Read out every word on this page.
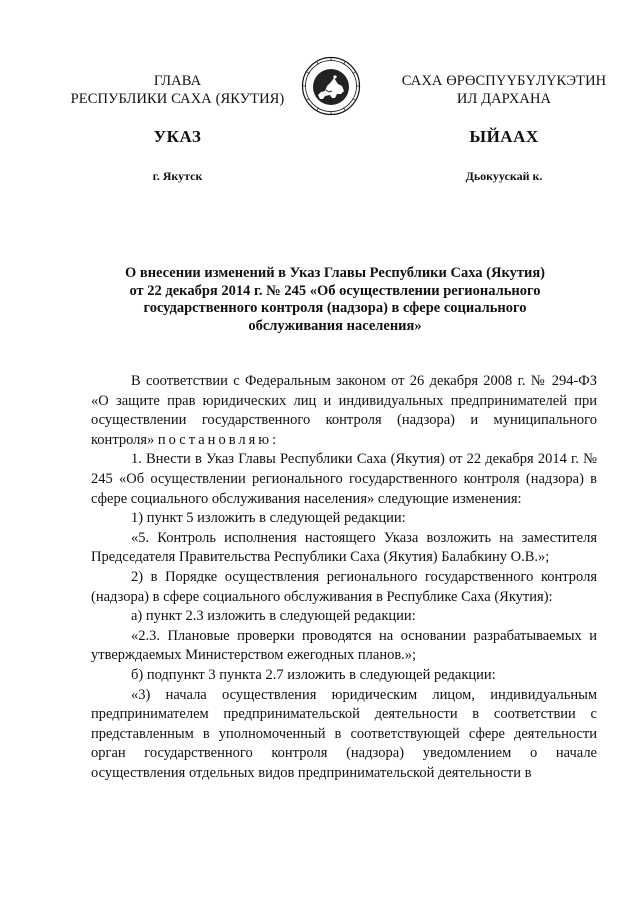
ГЛАВА
РЕСПУБЛИКИ САХА (ЯКУТИЯ)
УКАЗ
г. Якутск
САХА ӨРӨСПҮҮБҮЛҮКЭТИН
ИЛ ДАРХАНА
ЫЙААХ
Дьокуускай к.
О внесении изменений в Указ Главы Республики Саха (Якутия)
от 22 декабря 2014 г. № 245 «Об осуществлении регионального
государственного контроля (надзора) в сфере социального
обслуживания населения»

В соответствии с Федеральным законом от 26 декабря 2008 г. № 294-ФЗ «О защите прав юридических лиц и индивидуальных предпринимателей при осуществлении государственного контроля (надзора) и муниципального контроля» постановляю:

1. Внести в Указ Главы Республики Саха (Якутия) от 22 декабря 2014 г. № 245 «Об осуществлении регионального государственного контроля (надзора) в сфере социального обслуживания населения» следующие изменения:

1) пункт 5 изложить в следующей редакции:

«5. Контроль исполнения настоящего Указа возложить на заместителя Председателя Правительства Республики Саха (Якутия) Балабкину О.В.»;

2) в Порядке осуществления регионального государственного контроля (надзора) в сфере социального обслуживания в Республике Саха (Якутия):

а) пункт 2.3 изложить в следующей редакции:

«2.3. Плановые проверки проводятся на основании разрабатываемых и утверждаемых Министерством ежегодных планов.»;

б) подпункт 3 пункта 2.7 изложить в следующей редакции:

«3) начала осуществления юридическим лицом, индивидуальным предпринимателем предпринимательской деятельности в соответствии с представленным в уполномоченный в соответствующей сфере деятельности орган государственного контроля (надзора) уведомлением о начале осуществления отдельных видов предпринимательской деятельности в
